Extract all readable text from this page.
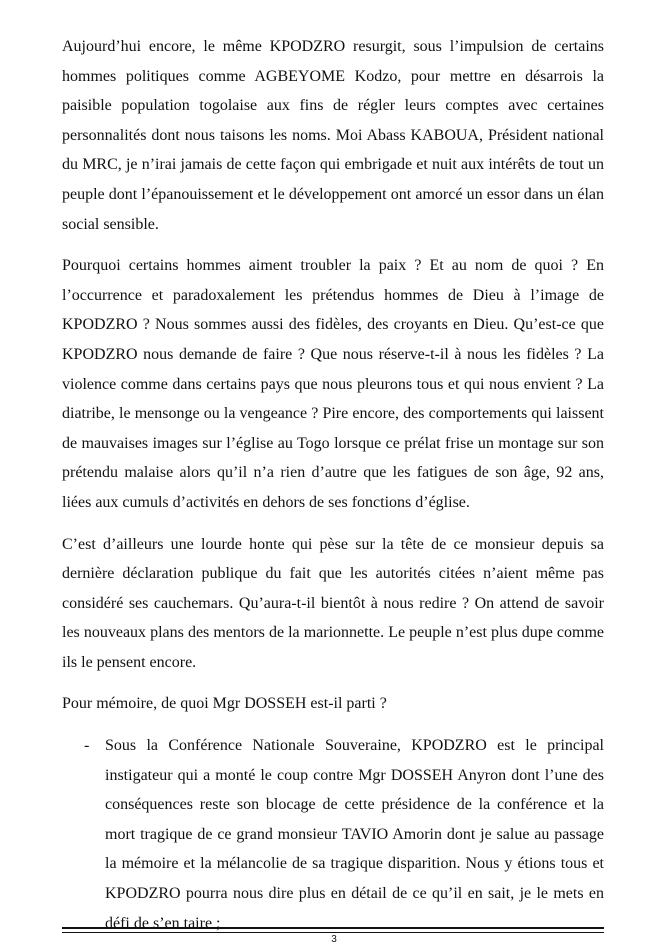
Aujourd’hui encore, le même KPODZRO resurgit, sous l’impulsion de certains hommes politiques comme AGBEYOME Kodzo, pour mettre en désarrois la paisible population togolaise aux fins de régler leurs comptes avec certaines personnalités dont nous taisons les noms. Moi Abass KABOUA, Président national du MRC, je n’irai jamais de cette façon qui embrigade et nuit aux intérêts de tout un peuple dont l’épanouissement et le développement ont amorcé un essor dans un élan social sensible.

Pourquoi certains hommes aiment troubler la paix ? Et au nom de quoi ? En l’occurrence et paradoxalement les prétendus hommes de Dieu à l’image de KPODZRO ? Nous sommes aussi des fidèles, des croyants en Dieu. Qu’est-ce que KPODZRO nous demande de faire ? Que nous réserve-t-il à nous les fidèles ? La violence comme dans certains pays que nous pleurons tous et qui nous envient ? La diatribe, le mensonge ou la vengeance ? Pire encore, des comportements qui laissent de mauvaises images sur l’église au Togo lorsque ce prélat frise un montage sur son prétendu malaise alors qu’il n’a rien d’autre que les fatigues de son âge, 92 ans, liées aux cumuls d’activités en dehors de ses fonctions d’église.

C’est d’ailleurs une lourde honte qui pèse sur la tête de ce monsieur depuis sa dernière déclaration publique du fait que les autorités citées n’aient même pas considéré ses cauchemars. Qu’aura-t-il bientôt à nous redire ? On attend de savoir les nouveaux plans des mentors de la marionnette. Le peuple n’est plus dupe comme ils le pensent encore.

Pour mémoire, de quoi Mgr DOSSEH est-il parti ?

- Sous la Conférence Nationale Souveraine, KPODZRO est le principal instigateur qui a monté le coup contre Mgr DOSSEH Anyron dont l’une des conséquences reste son blocage de cette présidence de la conférence et la mort tragique de ce grand monsieur TAVIO Amorin dont je salue au passage la mémoire et la mélancolie de sa tragique disparition. Nous y étions tous et KPODZRO pourra nous dire plus en détail de ce qu’il en sait, je le mets en défi de s’en taire ;
3
